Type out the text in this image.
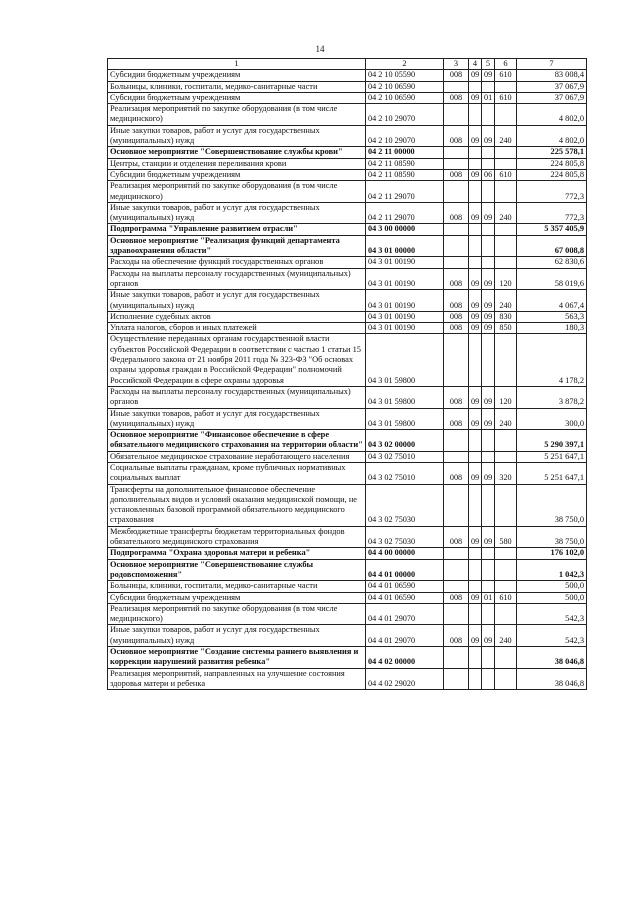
14
1	2	3	4	5	6	7
Субсидии бюджетным учреждениям	04 2 10 05590	008	09	09	610	83 008,4
Больницы, клиники, госпитали, медико-санитарные части	04 2 10 06590					37 067,9
Субсидии бюджетным учреждениям	04 2 10 06590	008	09	01	610	37 067,9
Реализация мероприятий по закупке оборудования (в том числе медицинского)	04 2 10 29070					4 802,0
Иные закупки товаров, работ и услуг для государственных (муниципальных) нужд	04 2 10 29070	008	09	09	240	4 802,0
Основное мероприятие "Совершенствование службы крови"	04 2 11 00000					225 578,1
Центры, станции и отделения переливания крови	04 2 11 08590					224 805,8
Субсидии бюджетным учреждениям	04 2 11 08590	008	09	06	610	224 805,8
Реализация мероприятий по закупке оборудования (в том числе медицинского)	04 2 11 29070					772,3
Иные закупки товаров, работ и услуг для государственных (муниципальных) нужд	04 2 11 29070	008	09	09	240	772,3
Подпрограмма "Управление развитием отрасли"	04 3 00 00000					5 357 405,9
Основное мероприятие "Реализация функций департамента здравоохранения области"	04 3 01 00000					67 008,8
Расходы на обеспечение функций государственных органов	04 3 01 00190					62 830,6
Расходы на выплаты персоналу государственных (муниципальных) органов	04 3 01 00190	008	09	09	120	58 019,6
Иные закупки товаров, работ и услуг для государственных (муниципальных) нужд	04 3 01 00190	008	09	09	240	4 067,4
Исполнение судебных актов	04 3 01 00190	008	09	09	830	563,3
Уплата налогов, сборов и иных платежей	04 3 01 00190	008	09	09	850	180,3
Осуществление переданных органам государственной власти субъектов Российской Федерации в соответствии с частью 1 статьи 15 Федерального закона от 21 ноября 2011 года № 323-ФЗ "Об основах охраны здоровья граждан в Российской Федерации" полномочий Российской Федерации в сфере охраны здоровья	04 3 01 59800					4 178,2
Расходы на выплаты персоналу государственных (муниципальных) органов	04 3 01 59800	008	09	09	120	3 878,2
Иные закупки товаров, работ и услуг для государственных (муниципальных) нужд	04 3 01 59800	008	09	09	240	300,0
Основное мероприятие "Финансовое обеспечение в сфере обязательного медицинского страхования на территории области"	04 3 02 00000					5 290 397,1
Обязательное медицинское страхование неработающего населения	04 3 02 75010					5 251 647,1
Социальные выплаты гражданам, кроме публичных нормативных социальных выплат	04 3 02 75010	008	09	09	320	5 251 647,1
Трансферты на дополнительное финансовое обеспечение дополнительных видов и условий оказания медицинской помощи, не установленных базовой программой обязательного медицинского страхования	04 3 02 75030					38 750,0
Межбюджетные трансферты бюджетам территориальных фондов обязательного медицинского страхования	04 3 02 75030	008	09	09	580	38 750,0
Подпрограмма "Охрана здоровья матери и ребенка"	04 4 00 00000					176 102,0
Основное мероприятие "Совершенствование службы родовспоможения"	04 4 01 00000					1 042,3
Больницы, клиники, госпитали, медико-санитарные части	04 4 01 06590					500,0
Субсидии бюджетным учреждениям	04 4 01 06590	008	09	01	610	500,0
Реализация мероприятий по закупке оборудования (в том числе медицинского)	04 4 01 29070					542,3
Иные закупки товаров, работ и услуг для государственных (муниципальных) нужд	04 4 01 29070	008	09	09	240	542,3
Основное мероприятие "Создание системы раннего выявления и коррекции нарушений развития ребенка"	04 4 02 00000					38 046,8
Реализация мероприятий, направленных на улучшение состояния здоровья матери и ребенка	04 4 02 29020					38 046,8
